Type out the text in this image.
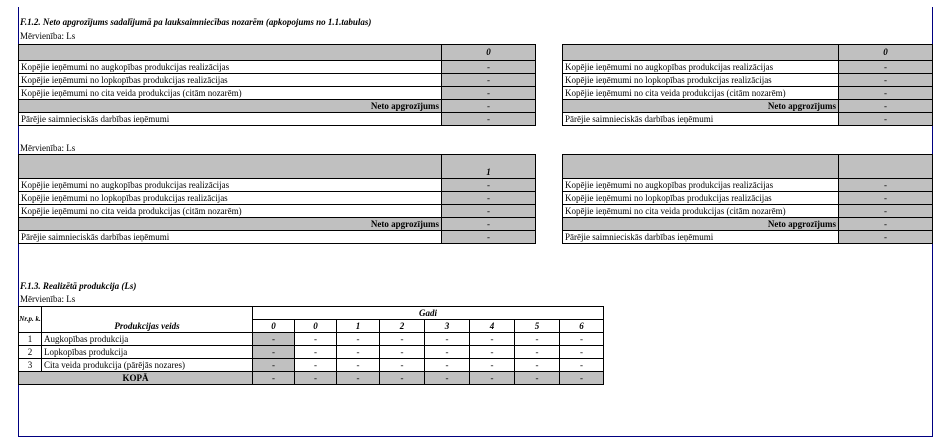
F.1.2. Neto apgrozījums sadalījumā pa lauksaimniecības nozarēm (apkopojums no 1.1.tabulas)
Mērvienība: Ls
	0
Kopējie ieņēmumi no augkopības produkcijas realizācijas	-
Kopējie ieņēmumi no lopkopības produkcijas realizācijas	-
Kopējie ieņēmumi no cita veida produkcijas (citām nozarēm)	-
Neto apgrozījums	-
Pārējie saimnieciskās darbības ieņēmumi	-
	0
Kopējie ieņēmumi no augkopības produkcijas realizācijas	-
Kopējie ieņēmumi no lopkopības produkcijas realizācijas	-
Kopējie ieņēmumi no cita veida produkcijas (citām nozarēm)	-
Neto apgrozījums	-
Pārējie saimnieciskās darbības ieņēmumi	-
Mērvienība: Ls
	1
Kopējie ieņēmumi no augkopības produkcijas realizācijas	-
Kopējie ieņēmumi no lopkopības produkcijas realizācijas	-
Kopējie ieņēmumi no cita veida produkcijas (citām nozarēm)	-
Neto apgrozījums	-
Pārējie saimnieciskās darbības ieņēmumi	-

Kopējie ieņēmumi no augkopības produkcijas realizācijas	-
Kopējie ieņēmumi no lopkopības produkcijas realizācijas	-
Kopējie ieņēmumi no cita veida produkcijas (citām nozarēm)	-
Neto apgrozījums	-
Pārējie saimnieciskās darbības ieņēmumi	-
F.1.3. Realizētā produkcija (Ls)
Mērvienība: Ls
Nr.p. k.	Produkcijas veids	Gadi							
		0	0	1	2	3	4	5	6
1	Augkopības produkcija	-	-	-	-	-	-	-	-
2	Lopkopības produkcija	-	-	-	-	-	-	-	-
3	Cita veida produkcija (pārējās nozares)	-	-	-	-	-	-	-	-
KOPĀ		-	-	-	-	-	-	-	-
